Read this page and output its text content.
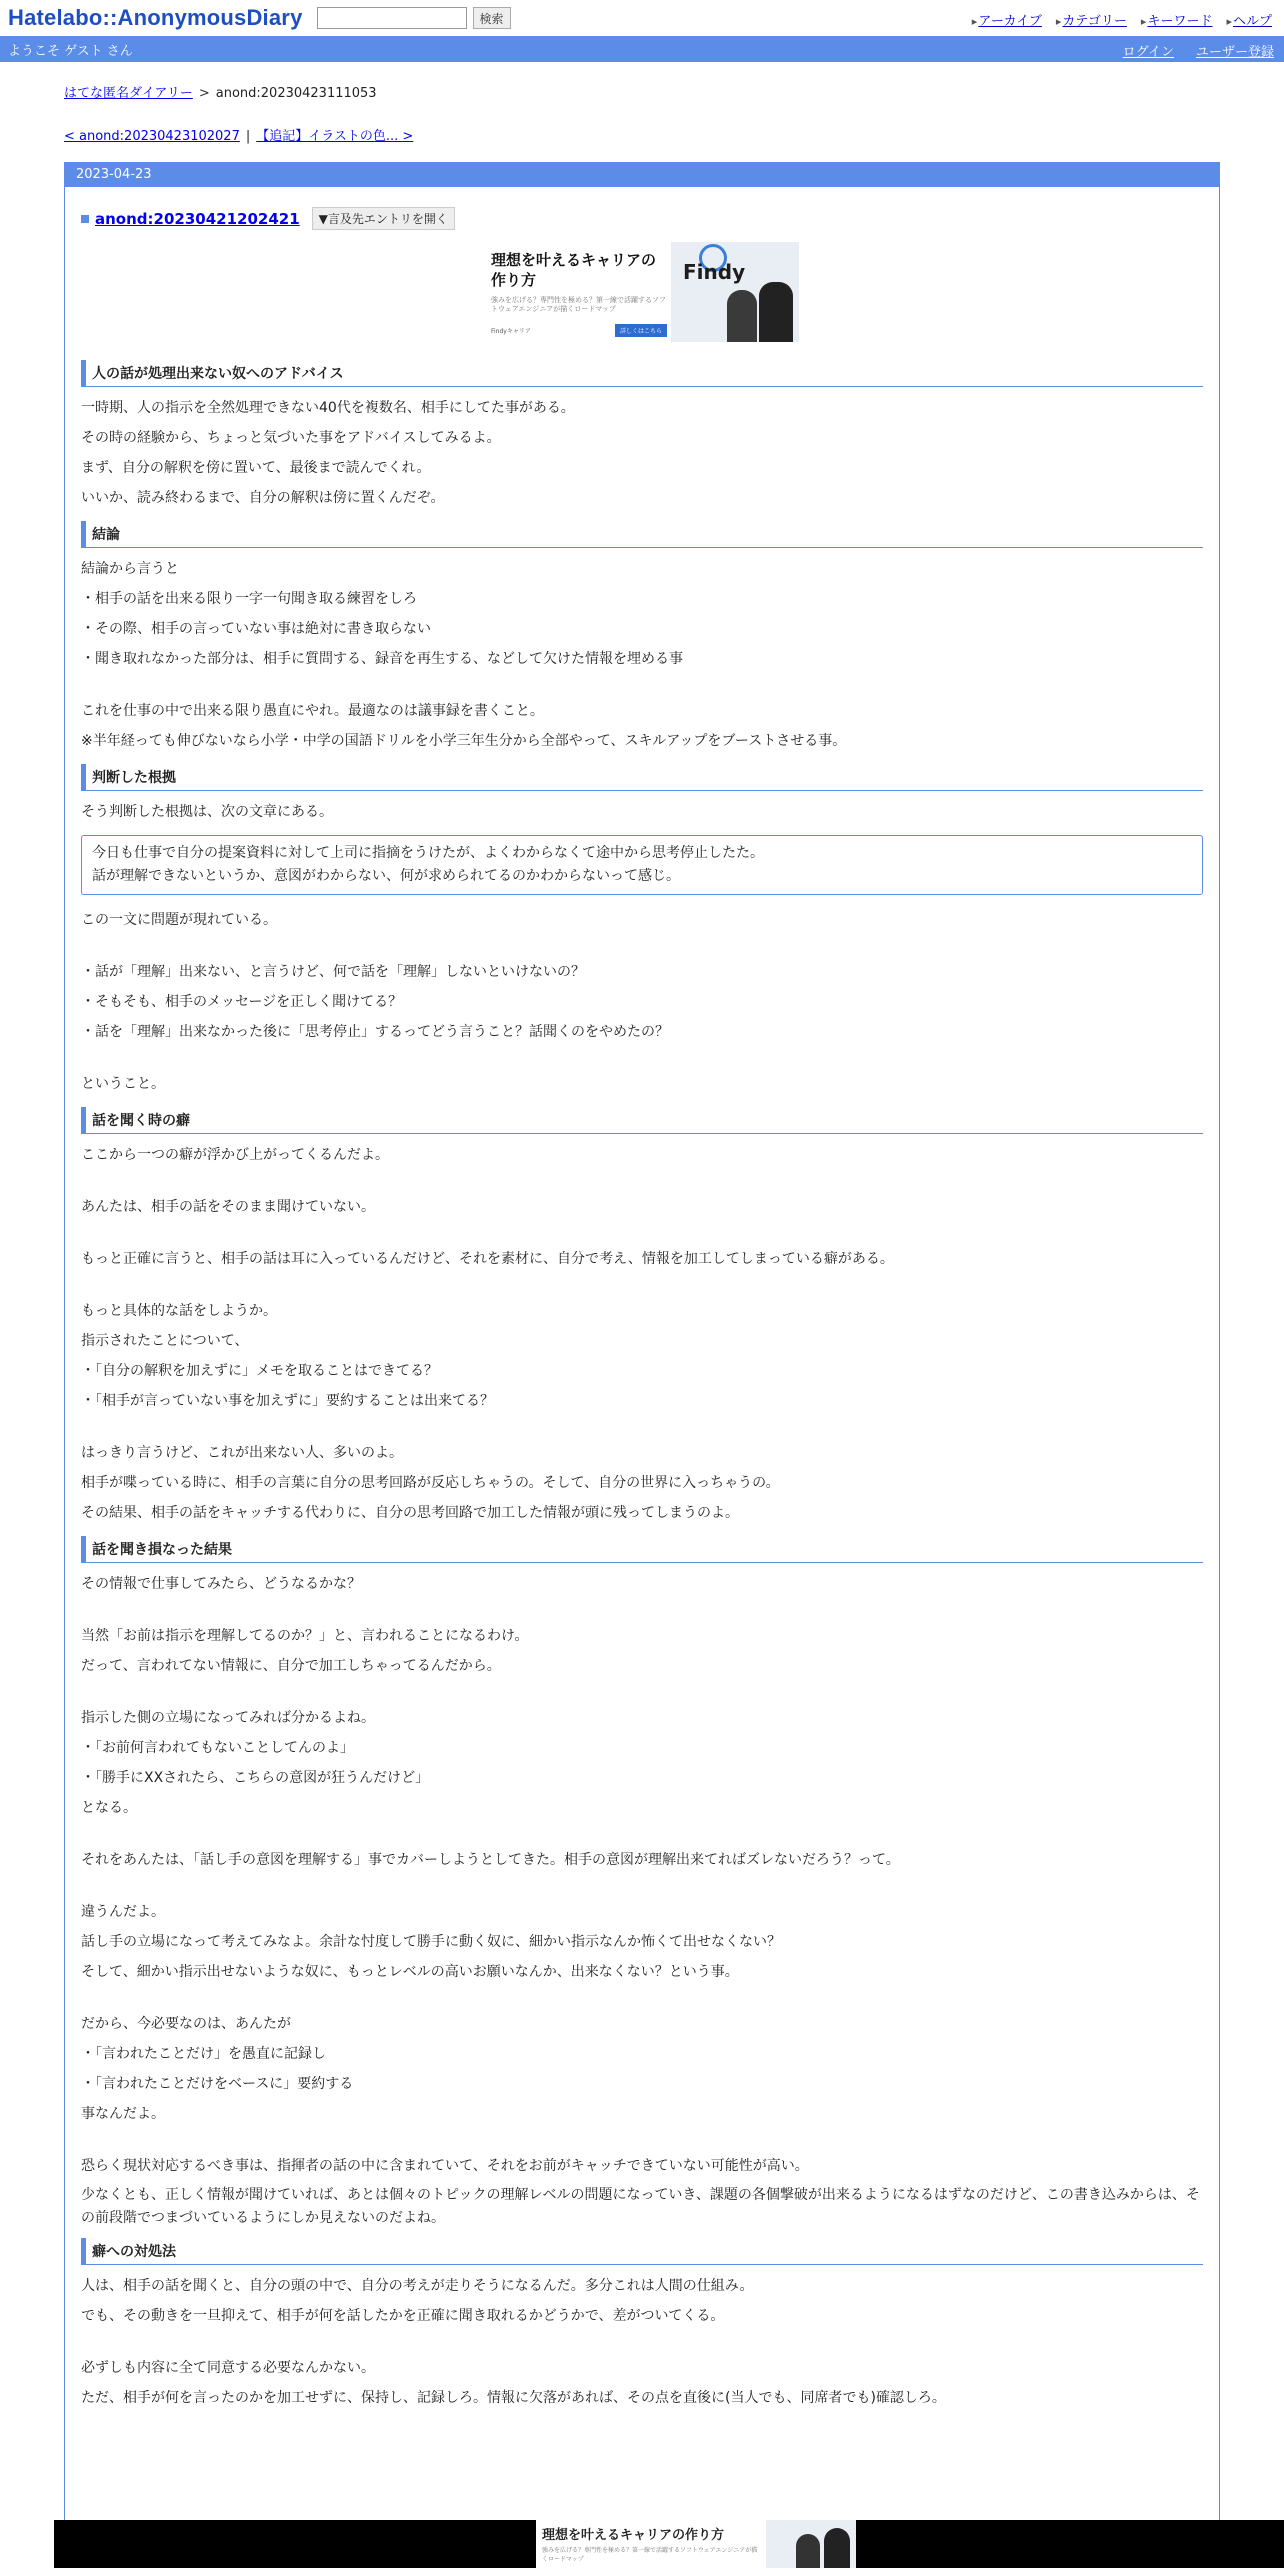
Hatelabo::AnonymousDiary	検索	▸アーカイブ ▸カテゴリー ▸キーワード ▸ヘルプ
ようこそ ゲスト さん	ログイン ユーザー登録
はてな匿名ダイアリー > anond:20230423111053
< anond:20230423102027 | 【追記】イラストの色... >
2023-04-23
anond:20230421202421	▼言及先エントリを開く
理想を叶えるキャリアの作り方
強みを広げる？専門性を極める？第一線で活躍するソフトウェアエンジニアが描くロードマップ
Findyキャリア	詳しくはこちら
Findy
人の話が処理出来ない奴へのアドバイス
一時期、人の指示を全然処理できない40代を複数名、相手にしてた事がある。
その時の経験から、ちょっと気づいた事をアドバイスしてみるよ。
まず、自分の解釈を傍に置いて、最後まで読んでくれ。
いいか、読み終わるまで、自分の解釈は傍に置くんだぞ。
結論
結論から言うと
・相手の話を出来る限り一字一句聞き取る練習をしろ
・その際、相手の言っていない事は絶対に書き取らない
・聞き取れなかった部分は、相手に質問する、録音を再生する、などして欠けた情報を埋める事
これを仕事の中で出来る限り愚直にやれ。最適なのは議事録を書くこと。
※半年経っても伸びないなら小学・中学の国語ドリルを小学三年生分から全部やって、スキルアップをブーストさせる事。
判断した根拠
そう判断した根拠は、次の文章にある。
今日も仕事で自分の提案資料に対して上司に指摘をうけたが、よくわからなくて途中から思考停止したた。
話が理解できないというか、意図がわからない、何が求められてるのかわからないって感じ。
この一文に問題が現れている。
・話が「理解」出来ない、と言うけど、何で話を「理解」しないといけないの？
・そもそも、相手のメッセージを正しく聞けてる？
・話を「理解」出来なかった後に「思考停止」するってどう言うこと？話聞くのをやめたの？
ということ。
話を聞く時の癖
ここから一つの癖が浮かび上がってくるんだよ。
あんたは、相手の話をそのまま聞けていない。
もっと正確に言うと、相手の話は耳に入っているんだけど、それを素材に、自分で考え、情報を加工してしまっている癖がある。
もっと具体的な話をしようか。
指示されたことについて、
・「自分の解釈を加えずに」メモを取ることはできてる？
・「相手が言っていない事を加えずに」要約することは出来てる？
はっきり言うけど、これが出来ない人、多いのよ。
相手が喋っている時に、相手の言葉に自分の思考回路が反応しちゃうの。そして、自分の世界に入っちゃうの。
その結果、相手の話をキャッチする代わりに、自分の思考回路で加工した情報が頭に残ってしまうのよ。
話を聞き損なった結果
その情報で仕事してみたら、どうなるかな？
当然「お前は指示を理解してるのか？」と、言われることになるわけ。
だって、言われてない情報に、自分で加工しちゃってるんだから。
指示した側の立場になってみれば分かるよね。
・「お前何言われてもないことしてんのよ」
・「勝手にXXされたら、こちらの意図が狂うんだけど」
となる。
それをあんたは、「話し手の意図を理解する」事でカバーしようとしてきた。相手の意図が理解出来てればズレないだろう？って。
違うんだよ。
話し手の立場になって考えてみなよ。余計な忖度して勝手に動く奴に、細かい指示なんか怖くて出せなくない？
そして、細かい指示出せないような奴に、もっとレベルの高いお願いなんか、出来なくない？という事。
だから、今必要なのは、あんたが
・「言われたことだけ」を愚直に記録し
・「言われたことだけをベースに」要約する
事なんだよ。
恐らく現状対応するべき事は、指揮者の話の中に含まれていて、それをお前がキャッチできていない可能性が高い。
少なくとも、正しく情報が聞けていれば、あとは個々のトピックの理解レベルの問題になっていき、課題の各個撃破が出来るようになるはずなのだけど、この書き込みからは、その前段階でつまづいているようにしか見えないのだよね。
癖への対処法
人は、相手の話を聞くと、自分の頭の中で、自分の考えが走りそうになるんだ。多分これは人間の仕組み。
でも、その動きを一旦抑えて、相手が何を話したかを正確に聞き取れるかどうかで、差がついてくる。
必ずしも内容に全て同意する必要なんかない。
ただ、相手が何を言ったのかを加工せずに、保持し、記録しろ。情報に欠落があれば、その点を直後に(当人でも、同席者でも)確認しろ。
理想を叶えるキャリアの作り方
強みを広げる？専門性を極める？第一線で活躍するソフトウェアエンジニアが描くロードマップ
